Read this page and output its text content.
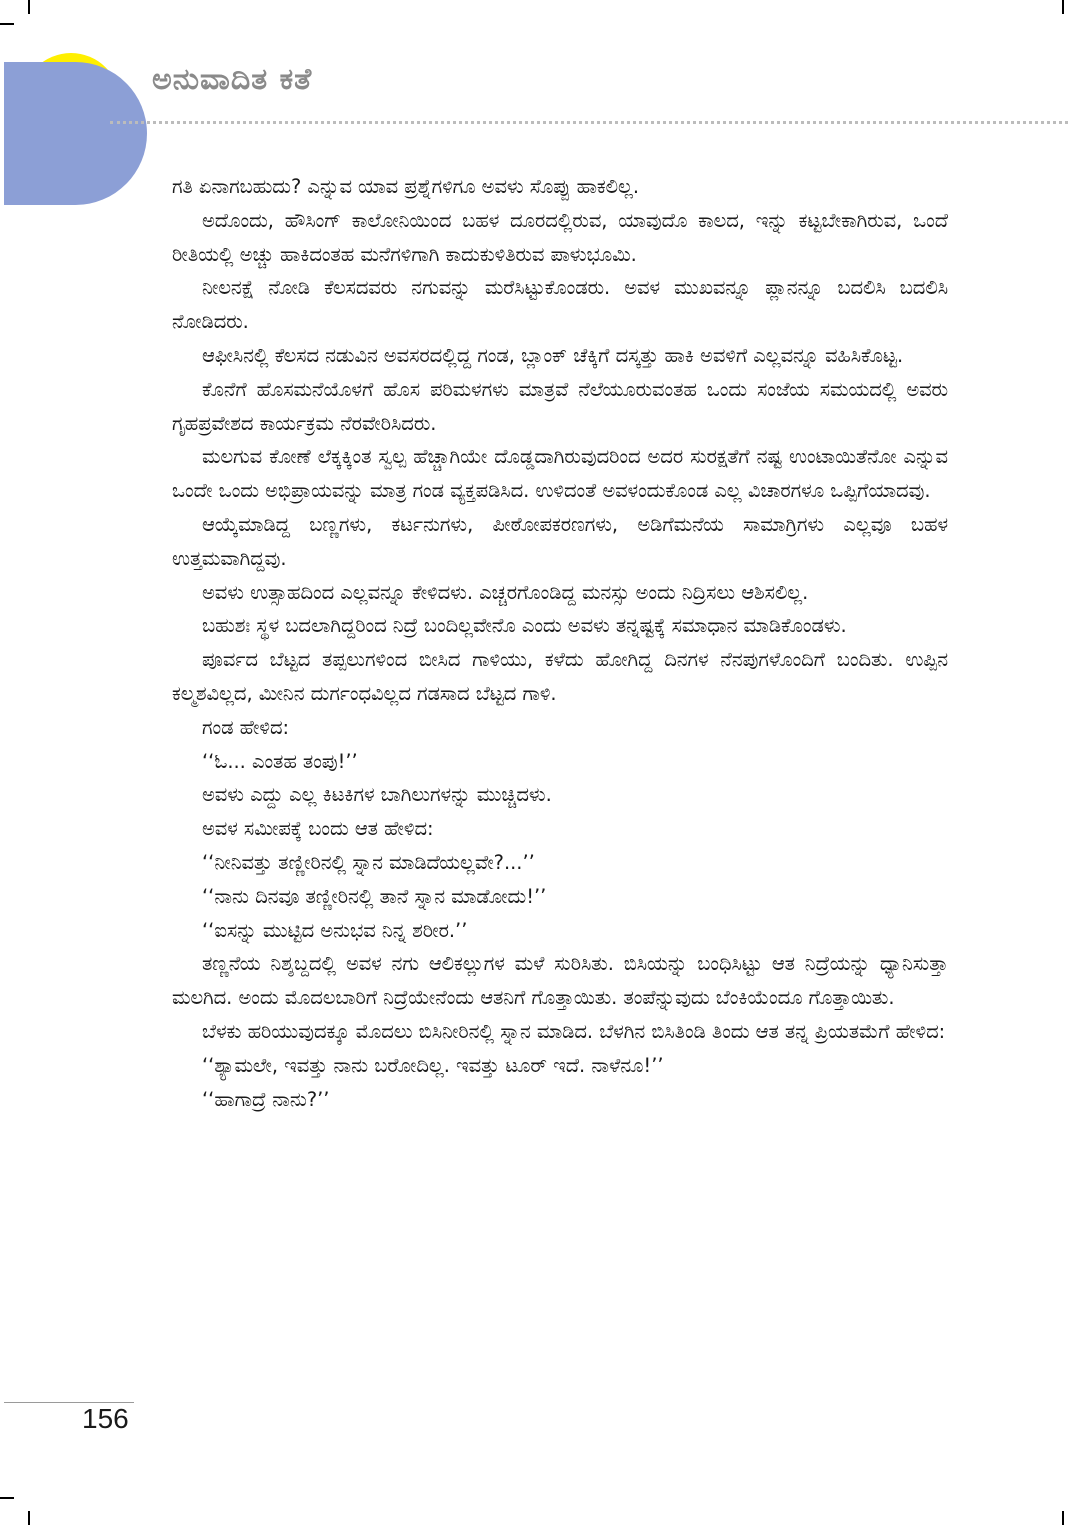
ಅನುವಾದಿತ ಕತೆ

ಗತಿ ಏನಾಗಬಹುದು? ಎನ್ನುವ ಯಾವ ಪ್ರಶ್ನೆಗಳಿಗೂ ಅವಳು ಸೊಪ್ಪು ಹಾಕಲಿಲ್ಲ.

ಅದೊಂದು, ಹೌಸಿಂಗ್ ಕಾಲೋನಿಯಿಂದ ಬಹಳ ದೂರದಲ್ಲಿರುವ, ಯಾವುದೊ ಕಾಲದ, ಇನ್ನು ಕಟ್ಟಬೇಕಾಗಿರುವ, ಒಂದೆ ರೀತಿಯಲ್ಲಿ ಅಚ್ಚು ಹಾಕಿದಂತಹ ಮನೆಗಳಿಗಾಗಿ ಕಾದುಕುಳಿತಿರುವ ಪಾಳುಭೂಮಿ.

ನೀಲನಕ್ಷೆ ನೋಡಿ ಕೆಲಸದವರು ನಗುವನ್ನು ಮರೆಸಿಟ್ಟುಕೊಂಡರು. ಅವಳ ಮುಖವನ್ನೂ ಪ್ಲಾನನ್ನೂ ಬದಲಿಸಿ ಬದಲಿಸಿ ನೋಡಿದರು.

ಆಫೀಸಿನಲ್ಲಿ ಕೆಲಸದ ನಡುವಿನ ಅವಸರದಲ್ಲಿದ್ದ ಗಂಡ, ಬ್ಲಾಂಕ್ ಚೆಕ್ಕಿಗೆ ದಸ್ಕತ್ತು ಹಾಕಿ ಅವಳಿಗೆ ಎಲ್ಲವನ್ನೂ ವಹಿಸಿಕೊಟ್ಟ.

ಕೊನೆಗೆ ಹೊಸಮನೆಯೊಳಗೆ ಹೊಸ ಪರಿಮಳಗಳು ಮಾತ್ರವೆ ನೆಲೆಯೂರುವಂತಹ ಒಂದು ಸಂಜೆಯ ಸಮಯದಲ್ಲಿ ಅವರು ಗೃಹಪ್ರವೇಶದ ಕಾರ್ಯಕ್ರಮ ನೆರವೇರಿಸಿದರು.

ಮಲಗುವ ಕೋಣೆ ಲೆಕ್ಕಕ್ಕಿಂತ ಸ್ವಲ್ಪ ಹೆಚ್ಚಾಗಿಯೇ ದೊಡ್ಡದಾಗಿರುವುದರಿಂದ ಅದರ ಸುರಕ್ಷತೆಗೆ ನಷ್ಟ ಉಂಟಾಯಿತೆನೋ ಎನ್ನುವ ಒಂದೇ ಒಂದು ಅಭಿಪ್ರಾಯವನ್ನು ಮಾತ್ರ ಗಂಡ ವ್ಯಕ್ತಪಡಿಸಿದ. ಉಳಿದಂತೆ ಅವಳಂದುಕೊಂಡ ಎಲ್ಲ ವಿಚಾರಗಳೂ ಒಪ್ಪಿಗೆಯಾದವು.

ಆಯ್ಕೆಮಾಡಿದ್ದ ಬಣ್ಣಗಳು, ಕರ್ಟನುಗಳು, ಪೀಠೋಪಕರಣಗಳು, ಅಡಿಗೆಮನೆಯ ಸಾಮಾಗ್ರಿಗಳು ಎಲ್ಲವೂ ಬಹಳ ಉತ್ತಮವಾಗಿದ್ದವು.

ಅವಳು ಉತ್ಸಾಹದಿಂದ ಎಲ್ಲವನ್ನೂ ಕೇಳಿದಳು. ಎಚ್ಚರಗೊಂಡಿದ್ದ ಮನಸ್ಸು ಅಂದು ನಿದ್ರಿಸಲು ಆಶಿಸಲಿಲ್ಲ.

ಬಹುಶಃ ಸ್ಥಳ ಬದಲಾಗಿದ್ದರಿಂದ ನಿದ್ರೆ ಬಂದಿಲ್ಲವೇನೊ ಎಂದು ಅವಳು ತನ್ನಷ್ಟಕ್ಕೆ ಸಮಾಧಾನ ಮಾಡಿಕೊಂಡಳು.

ಪೂರ್ವದ ಬೆಟ್ಟದ ತಪ್ಪಲುಗಳಿಂದ ಬೀಸಿದ ಗಾಳಿಯು, ಕಳೆದು ಹೋಗಿದ್ದ ದಿನಗಳ ನೆನಪುಗಳೊಂದಿಗೆ ಬಂದಿತು. ಉಪ್ಪಿನ ಕಲ್ಮಶವಿಲ್ಲದ, ಮೀನಿನ ದುರ್ಗಂಧವಿಲ್ಲದ ಗಡಸಾದ ಬೆಟ್ಟದ ಗಾಳಿ.

ಗಂಡ ಹೇಳಿದ:

‘‘ಓ... ಎಂತಹ ತಂಪು!’’

ಅವಳು ಎದ್ದು ಎಲ್ಲ ಕಿಟಕಿಗಳ ಬಾಗಿಲುಗಳನ್ನು ಮುಚ್ಚಿದಳು.

ಅವಳ ಸಮೀಪಕ್ಕೆ ಬಂದು ಆತ ಹೇಳಿದ:

‘‘ನೀನಿವತ್ತು ತಣ್ಣೀರಿನಲ್ಲಿ ಸ್ನಾನ ಮಾಡಿದೆಯಲ್ಲವೇ?...’’

‘‘ನಾನು ದಿನವೂ ತಣ್ಣೀರಿನಲ್ಲಿ ತಾನೆ ಸ್ನಾನ ಮಾಡೋದು!’’

‘‘ಐಸನ್ನು ಮುಟ್ಟಿದ ಅನುಭವ ನಿನ್ನ ಶರೀರ.’’

ತಣ್ಣನೆಯ ನಿಶ್ಶಬ್ದದಲ್ಲಿ ಅವಳ ನಗು ಆಲಿಕಲ್ಲುಗಳ ಮಳೆ ಸುರಿಸಿತು. ಬಿಸಿಯನ್ನು ಬಂಧಿಸಿಟ್ಟು ಆತ ನಿದ್ರೆಯನ್ನು ಧ್ಯಾನಿಸುತ್ತಾ ಮಲಗಿದ. ಅಂದು ಮೊದಲಬಾರಿಗೆ ನಿದ್ರೆಯೇನೆಂದು ಆತನಿಗೆ ಗೊತ್ತಾಯಿತು. ತಂಪೆನ್ನುವುದು ಬೆಂಕಿಯೆಂದೂ ಗೊತ್ತಾಯಿತು.

ಬೆಳಕು ಹರಿಯುವುದಕ್ಕೂ ಮೊದಲು ಬಿಸಿನೀರಿನಲ್ಲಿ ಸ್ನಾನ ಮಾಡಿದ. ಬೆಳಗಿನ ಬಿಸಿತಿಂಡಿ ತಿಂದು ಆತ ತನ್ನ ಪ್ರಿಯತಮೆಗೆ ಹೇಳಿದ:

‘‘ಶ್ಯಾಮಲೇ, ಇವತ್ತು ನಾನು ಬರೋದಿಲ್ಲ. ಇವತ್ತು ಟೂರ್ ಇದೆ. ನಾಳೆನೂ!’’

‘‘ಹಾಗಾದ್ರೆ ನಾನು?’’

156
